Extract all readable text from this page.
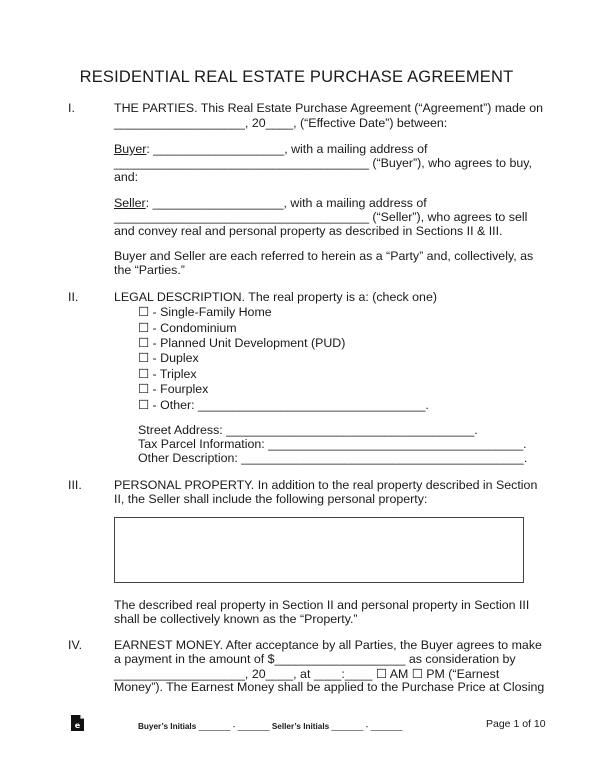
RESIDENTIAL REAL ESTATE PURCHASE AGREEMENT
I.	THE PARTIES. This Real Estate Purchase Agreement (“Agreement”) made on
___________________, 20____, (“Effective Date”) between:
Buyer: ___________________, with a mailing address of
_____________________________________ (“Buyer”), who agrees to buy,
and:
Seller: ___________________, with a mailing address of
_____________________________________ (“Seller”), who agrees to sell
and convey real and personal property as described in Sections II & III.
Buyer and Seller are each referred to herein as a “Party” and, collectively, as
the “Parties.”
II.	LEGAL DESCRIPTION. The real property is a: (check one)
☐ - Single-Family Home
☐ - Condominium
☐ - Planned Unit Development (PUD)
☐ - Duplex
☐ - Triplex
☐ - Fourplex
☐ - Other: _________________________________.
Street Address: ____________________________________.
Tax Parcel Information: _____________________________________.
Other Description: _________________________________________.
III.	PERSONAL PROPERTY. In addition to the real property described in Section
II, the Seller shall include the following personal property:
The described real property in Section II and personal property in Section III
shall be collectively known as the “Property.”
IV.	EARNEST MONEY. After acceptance by all Parties, the Buyer agrees to make
a payment in the amount of $___________________ as consideration by
___________________, 20____, at ____:____ ☐ AM ☐ PM (“Earnest
Money”). The Earnest Money shall be applied to the Purchase Price at Closing
e	Buyer’s Initials _______ - _______ Seller’s Initials _______ - _______	Page 1 of 10
